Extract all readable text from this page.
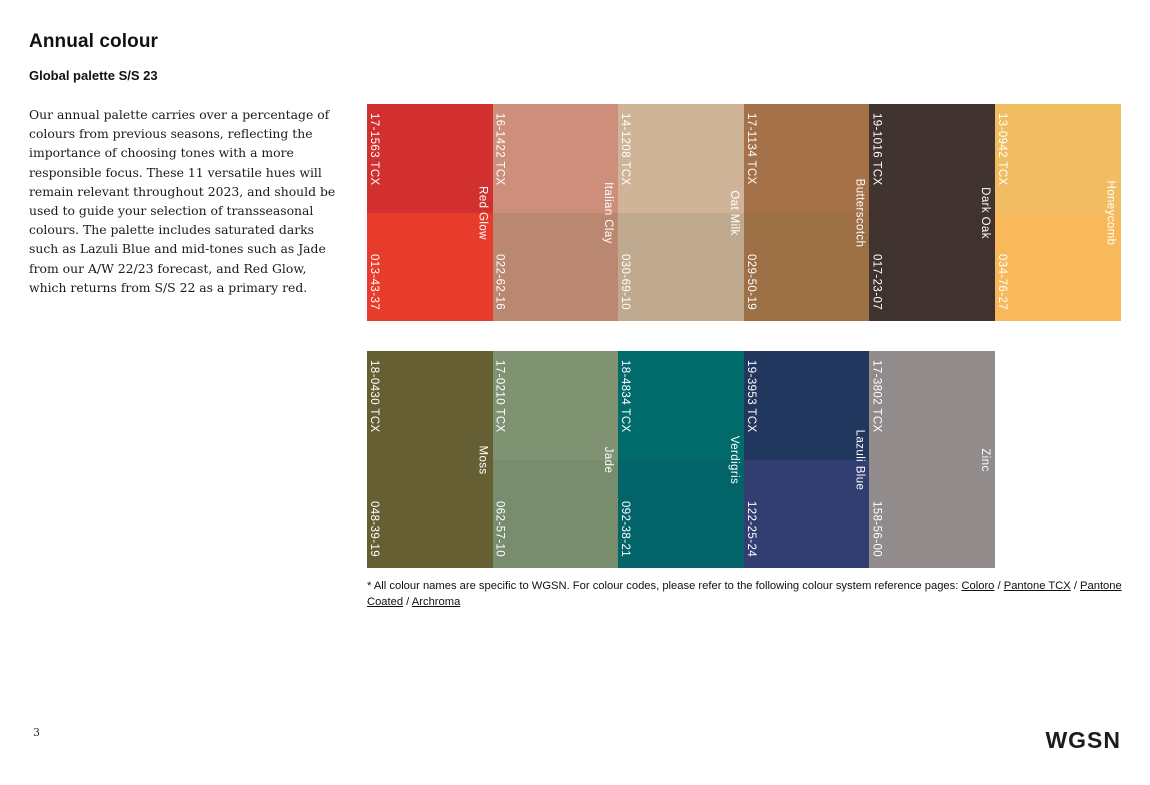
Annual colour
Global palette S/S 23

Our annual palette carries over a percentage of colours from previous seasons, reflecting the importance of choosing tones with a more responsible focus. These 11 versatile hues will remain relevant throughout 2023, and should be used to guide your selection of transseasonal colours. The palette includes saturated darks such as Lazuli Blue and mid-tones such as Jade from our A/W 22/23 forecast, and Red Glow, which returns from S/S 22 as a primary red.

17-1563 TCX
013-43-37
Red Glow
16-1422 TCX
022-62-16
Italian Clay
14-1208 TCX
030-69-10
Oat Milk
17-1134 TCX
029-50-19
Butterscotch
19-1016 TCX
017-23-07
Dark Oak
13-0942 TCX
034-76-27
Honeycomb
18-0430 TCX
048-39-19
Moss
17-0210 TCX
062-57-10
Jade
18-4834 TCX
092-38-21
Verdigris
19-3953 TCX
122-25-24
Lazuli Blue
17-3802 TCX
158-56-00
Zinc

* All colour names are specific to WGSN. For colour codes, please refer to the following colour system reference pages: Coloro / Pantone TCX / Pantone Coated / Archroma

3	WGSN
